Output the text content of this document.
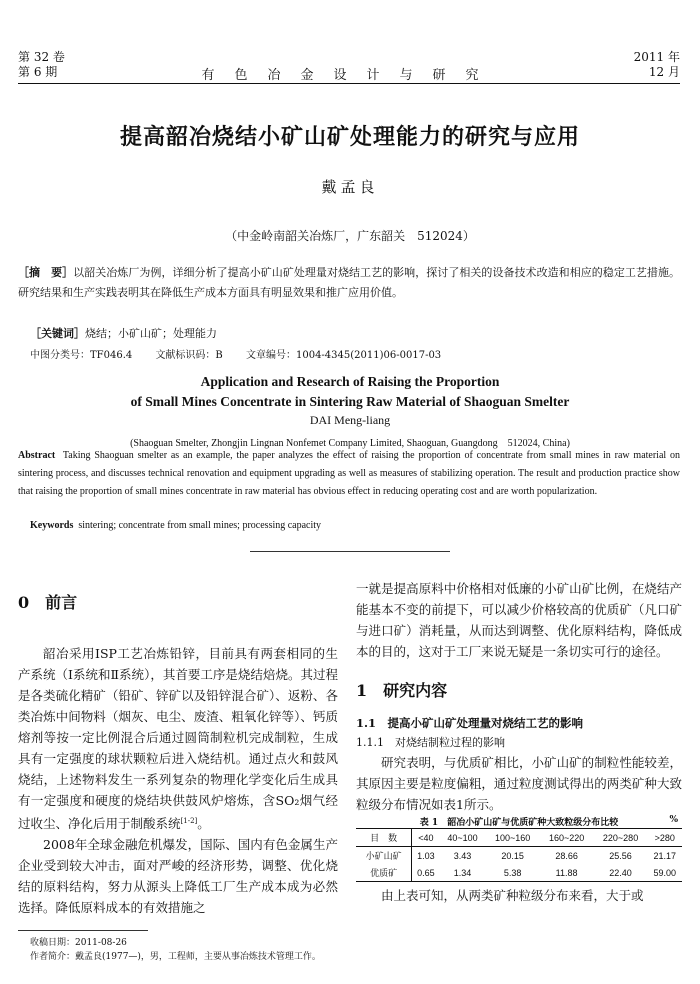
第 32 卷
第 6 期	有色冶金设计与研究
2011 年
12 月
提高韶冶烧结小矿山矿处理能力的研究与应用
戴孟良
（中金岭南韶关冶炼厂，广东韶关　512024）
［摘　要］以韶关冶炼厂为例，详细分析了提高小矿山矿处理量对烧结工艺的影响，探讨了相关的设备技术改造和相应的稳定工艺措施。研究结果和生产实践表明其在降低生产成本方面具有明显效果和推广应用价值。
［关键词］烧结；小矿山矿；处理能力
中图分类号：TF046.4 文献标识码：B 文章编号：1004-4345(2011)06-0017-03
Application and Research of Raising the Proportion
of Small Mines Concentrate in Sintering Raw Material of Shaoguan Smelter
DAI Meng-liang
(Shaoguan Smelter, Zhongjin Lingnan Nonfemet Company Limited, Shaoguan, Guangdong　512024, China)
Abstract Taking Shaoguan smelter as an example, the paper analyzes the effect of raising the proportion of concentrate from small mines in raw material on sintering process, and discusses technical renovation and equipment upgrading as well as measures of stabilizing operation. The result and production practice show that raising the proportion of small mines concentrate in raw material has obvious effect in reducing operating cost and are worth popularization.
Keywords sintering; concentrate from small mines; processing capacity
0　前言

韶冶采用ISP工艺冶炼铅锌，目前具有两套相同的生产系统（Ⅰ系统和Ⅱ系统），其首要工序是烧结焙烧。其过程是各类硫化精矿（铅矿、锌矿以及铅锌混合矿）、返粉、各类冶炼中间物料（烟灰、电尘、废渣、粗氧化锌等）、钙质熔剂等按一定比例混合后通过圆筒制粒机完成制粒，生成具有一定强度的球状颗粒后进入烧结机。通过点火和鼓风烧结，上述物料发生一系列复杂的物理化学变化后生成具有一定强度和硬度的烧结块供鼓风炉熔炼，含SO₂烟气经过收尘、净化后用于制酸系统[1-2]。

2008年全球金融危机爆发，国际、国内有色金属生产企业受到较大冲击，面对严峻的经济形势，调整、优化烧结的原料结构，努力从源头上降低工厂生产成本成为必然选择。降低原料成本的有效措施之

一就是提高原料中价格相对低廉的小矿山矿比例，在烧结产能基本不变的前提下，可以减少价格较高的优质矿（凡口矿与进口矿）消耗量，从而达到调整、优化原料结构，降低成本的目的，这对于工厂来说无疑是一条切实可行的途径。

1　研究内容

1.1　提高小矿山矿处理量对烧结工艺的影响

1.1.1　对烧结制粒过程的影响

研究表明，与优质矿相比，小矿山矿的制粒性能较差，其原因主要是粒度偏粗，通过粒度测试得出的两类矿种大致粒级分布情况如表1所示。

表 1　韶冶小矿山矿与优质矿种大致粒级分布比较	%
目　数	<40	40~100	100~160	160~220	220~280	>280
小矿山矿	1.03	3.43	20.15	28.66	25.56	21.17
优质矿	0.65	1.34	5.38	11.88	22.40	59.00

由上表可知，从两类矿种粒级分布来看，大于或

收稿日期：2011-08-26
作者简介：戴孟良(1977—)，男，工程师，主要从事冶炼技术管理工作。
